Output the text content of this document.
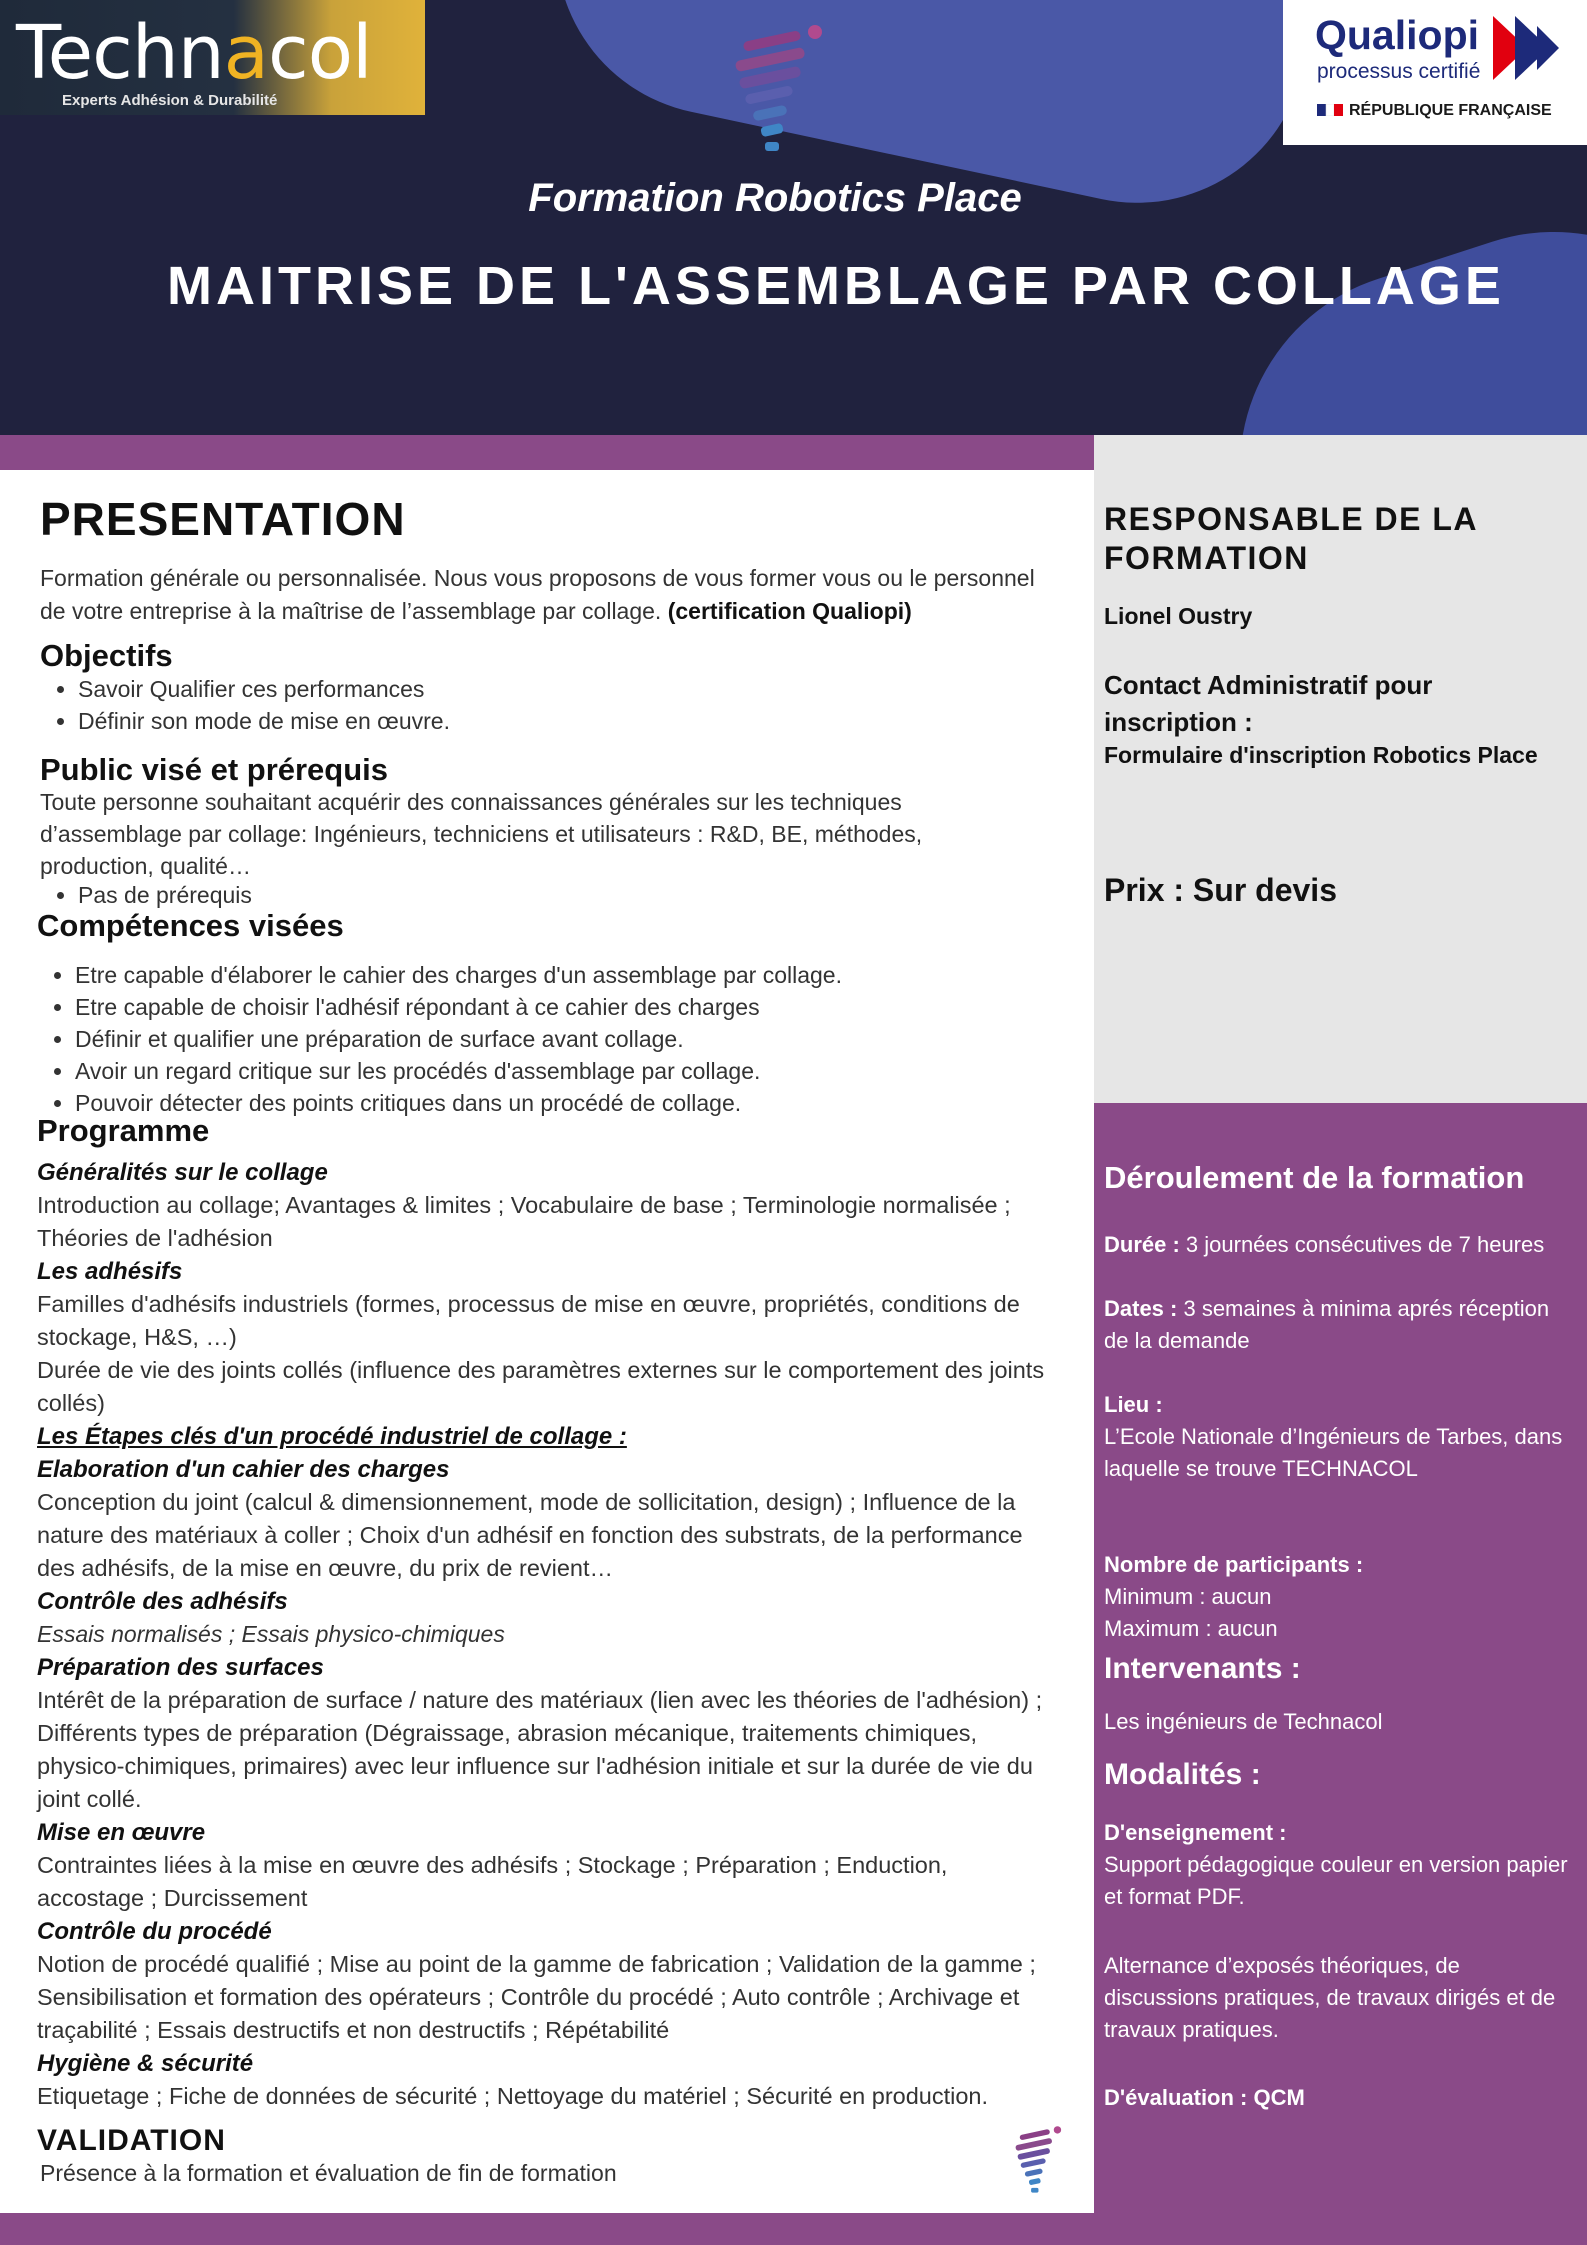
Formation Robotics Place
MAITRISE DE L'ASSEMBLAGE PAR COLLAGE
Technacol
Experts Adhésion & Durabilité
Qualiopi
processus certifié
RÉPUBLIQUE FRANÇAISE
PRESENTATION
Formation générale ou personnalisée. Nous vous proposons de vous former vous ou le personnel de votre entreprise à la maîtrise de l’assemblage par collage. (certification Qualiopi)
Objectifs
• Savoir Qualifier ces performances
• Définir son mode de mise en œuvre.
Public visé et prérequis
Toute personne souhaitant acquérir des connaissances générales sur les techniques d’assemblage par collage: Ingénieurs, techniciens et utilisateurs : R&D, BE, méthodes, production, qualité…
• Pas de prérequis
Compétences visées
• Etre capable d'élaborer le cahier des charges d'un assemblage par collage.
• Etre capable de choisir l'adhésif répondant à ce cahier des charges
• Définir et qualifier une préparation de surface avant collage.
• Avoir un regard critique sur les procédés d'assemblage par collage.
• Pouvoir détecter des points critiques dans un procédé de collage.
Programme
Généralités sur le collage
Introduction au collage; Avantages & limites ; Vocabulaire de base ; Terminologie normalisée ; Théories de l'adhésion
Les adhésifs
Familles d'adhésifs industriels (formes, processus de mise en œuvre, propriétés, conditions de stockage, H&S, …)
Durée de vie des joints collés (influence des paramètres externes sur le comportement des joints collés)
Les Étapes clés d'un procédé industriel de collage :
Elaboration d'un cahier des charges
Conception du joint (calcul & dimensionnement, mode de sollicitation, design) ; Influence de la nature des matériaux à coller ; Choix d'un adhésif en fonction des substrats, de la performance des adhésifs, de la mise en œuvre, du prix de revient…
Contrôle des adhésifs
Essais normalisés ; Essais physico-chimiques
Préparation des surfaces
Intérêt de la préparation de surface / nature des matériaux (lien avec les théories de l'adhésion) ; Différents types de préparation (Dégraissage, abrasion mécanique, traitements chimiques, physico-chimiques, primaires) avec leur influence sur l'adhésion initiale et sur la durée de vie du joint collé.
Mise en œuvre
Contraintes liées à la mise en œuvre des adhésifs ; Stockage ; Préparation ; Enduction, accostage ; Durcissement
Contrôle du procédé
Notion de procédé qualifié ; Mise au point de la gamme de fabrication ; Validation de la gamme ; Sensibilisation et formation des opérateurs ; Contrôle du procédé ; Auto contrôle ; Archivage et traçabilité ; Essais destructifs et non destructifs ; Répétabilité
Hygiène & sécurité
Etiquetage ; Fiche de données de sécurité ; Nettoyage du matériel ; Sécurité en production.
VALIDATION
Présence à la formation et évaluation de fin de formation
RESPONSABLE DE LA FORMATION
Lionel Oustry
Contact Administratif pour inscription :
Formulaire d'inscription Robotics Place
Prix : Sur devis
Déroulement de la formation
Durée : 3 journées consécutives de 7 heures
Dates : 3 semaines à minima aprés réception de la demande
Lieu :
L’Ecole Nationale d’Ingénieurs de Tarbes, dans laquelle se trouve TECHNACOL
Nombre de participants :
Minimum : aucun
Maximum : aucun
Intervenants :
Les ingénieurs de Technacol
Modalités :
D'enseignement :
Support pédagogique couleur en version papier et format PDF.
Alternance d’exposés théoriques, de discussions pratiques, de travaux dirigés et de travaux pratiques.
D'évaluation : QCM
